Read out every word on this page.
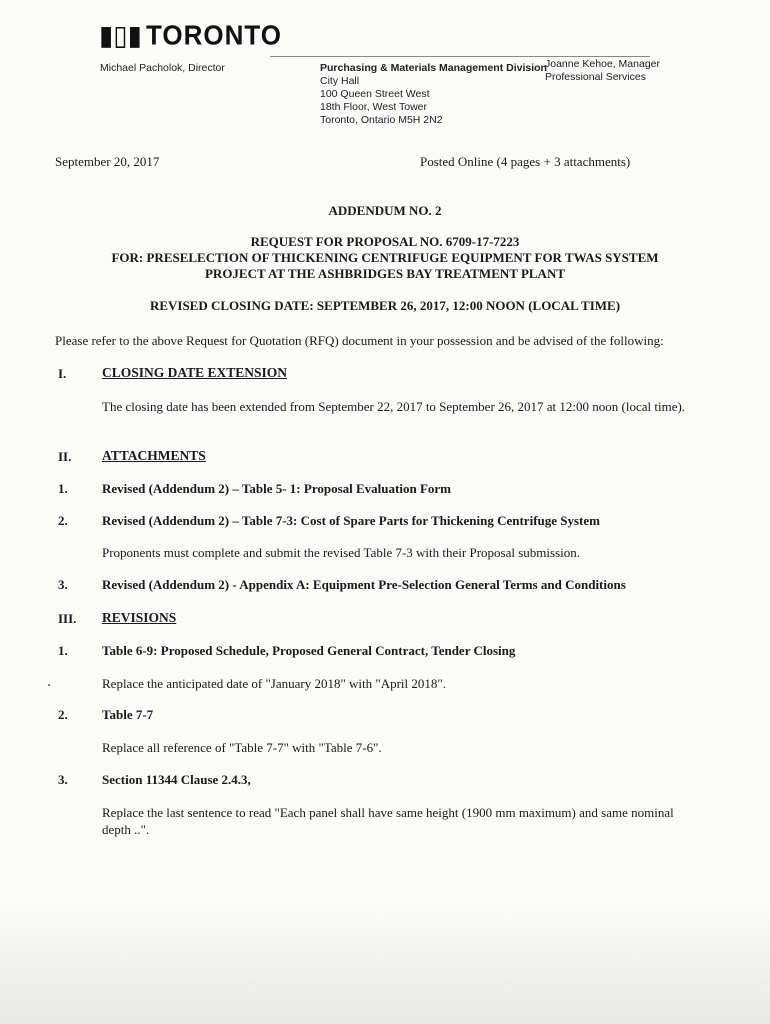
▮▯▮ TORONTO
Michael Pacholok, Director	Purchasing & Materials Management Division
City Hall
100 Queen Street West
18th Floor, West Tower
Toronto, Ontario M5H 2N2
Joanne Kehoe, Manager
Professional Services
September 20, 2017	Posted Online (4 pages + 3 attachments)
ADDENDUM NO. 2
REQUEST FOR PROPOSAL NO. 6709-17-7223
FOR: PRESELECTION OF THICKENING CENTRIFUGE EQUIPMENT FOR TWAS SYSTEM
PROJECT AT THE ASHBRIDGES BAY TREATMENT PLANT
REVISED CLOSING DATE: SEPTEMBER 26, 2017, 12:00 NOON (LOCAL TIME)
Please refer to the above Request for Quotation (RFQ) document in your possession and be advised of the following:
I.	CLOSING DATE EXTENSION
The closing date has been extended from September 22, 2017 to September 26, 2017 at 12:00 noon (local time).
II. ATTACHMENTS
1.	Revised (Addendum 2) – Table 5- 1: Proposal Evaluation Form
2.	Revised (Addendum 2) – Table 7-3: Cost of Spare Parts for Thickening Centrifuge System
Proponents must complete and submit the revised Table 7-3 with their Proposal submission.
3.	Revised (Addendum 2) - Appendix A: Equipment Pre-Selection General Terms and Conditions
III. REVISIONS
1.	Table 6-9: Proposed Schedule, Proposed General Contract, Tender Closing
Replace the anticipated date of "January 2018" with "April 2018".
2.	Table 7-7
Replace all reference of "Table 7-7" with "Table 7-6".
3.	Section 11344 Clause 2.4.3,
Replace the last sentence to read "Each panel shall have same height (1900 mm maximum) and same nominal depth ..".
